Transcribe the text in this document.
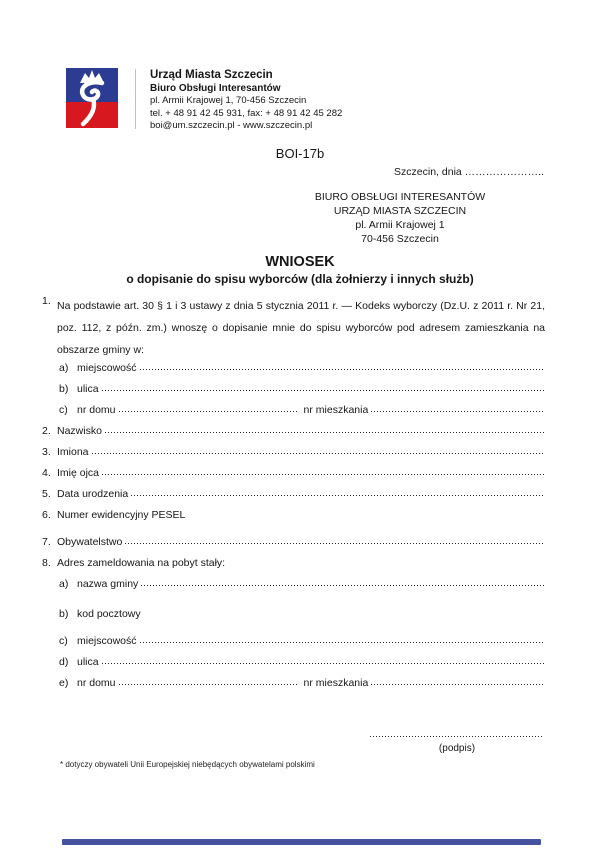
Urząd Miasta Szczecin
Biuro Obsługi Interesantów
pl. Armii Krajowej 1, 70-456 Szczecin
tel. + 48 91 42 45 931, fax: + 48 91 42 45 282
boi@um.szczecin.pl - www.szczecin.pl
BOI-17b
Szczecin, dnia …………………..
BIURO OBSŁUGI INTERESANTÓW
URZĄD MIASTA SZCZECIN
pl. Armii Krajowej 1
70-456 Szczecin
WNIOSEK
o dopisanie do spisu wyborców (dla żołnierzy i innych służb)
1. Na podstawie art. 30 § 1 i 3 ustawy z dnia 5 stycznia 2011 r. — Kodeks wyborczy (Dz.U. z 2011 r. Nr 21, poz. 112, z późn. zm.) wnoszę o dopisanie mnie do spisu wyborców pod adresem zamieszkania na obszarze gminy w:
a) miejscowość
b) ulica
c) nr domu	nr mieszkania
2. Nazwisko
3. Imiona
4. Imię ojca
5. Data urodzenia
6. Numer ewidencyjny PESEL
7. Obywatelstwo
8. Adres zameldowania na pobyt stały:
a) nazwa gminy
b) kod pocztowy
c) miejscowość
d) ulica
e) nr domu	nr mieszkania
(podpis)
* dotyczy obywateli Unii Europejskiej niebędących obywatelami polskimi
